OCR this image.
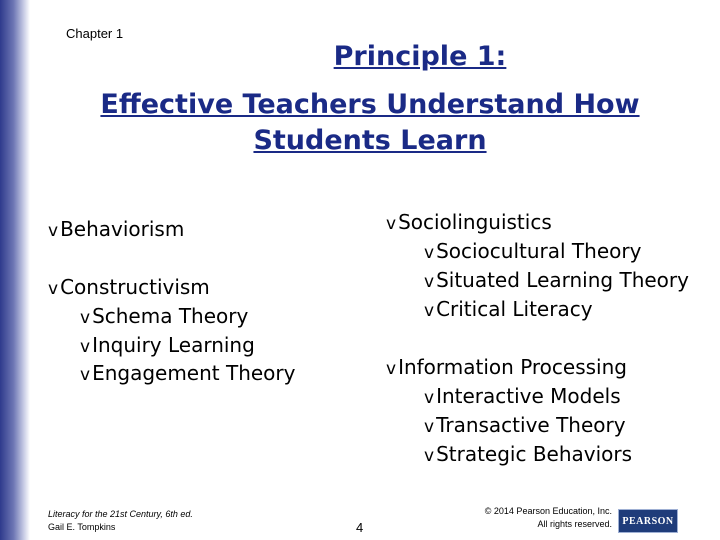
Chapter 1
Principle 1:
Effective Teachers Understand How
Students Learn
v Behaviorism
v Constructivism
v Schema Theory
v Inquiry Learning
v Engagement Theory
v Sociolinguistics
v Sociocultural Theory
v Situated Learning Theory
v Critical Literacy
v Information Processing
v Interactive Models
v Transactive Theory
v Strategic Behaviors
Literacy for the 21st Century, 6th ed.
Gail E. Tompkins	4
© 2014 Pearson Education, Inc.
All rights reserved.	PEARSON
